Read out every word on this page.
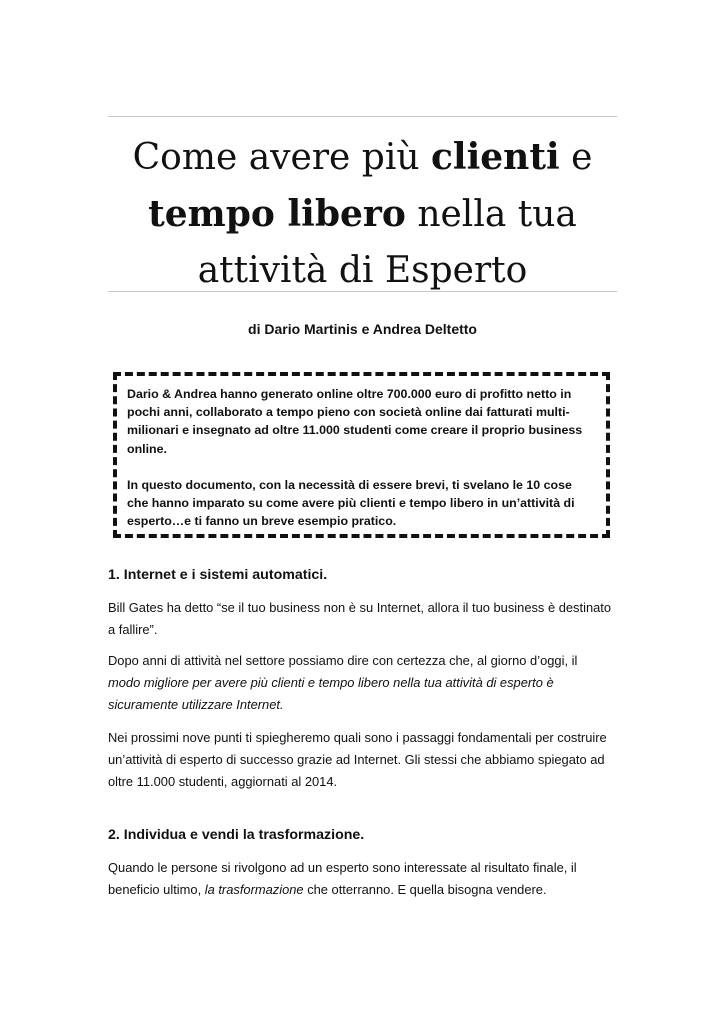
Come avere più clienti e
tempo libero nella tua
attività di Esperto
di Dario Martinis e Andrea Deltetto

Dario & Andrea hanno generato online oltre 700.000 euro di profitto netto in pochi anni, collaborato a tempo pieno con società online dai fatturati multi-milionari e insegnato ad oltre 11.000 studenti come creare il proprio business online.

In questo documento, con la necessità di essere brevi, ti svelano le 10 cose che hanno imparato su come avere più clienti e tempo libero in un’attività di esperto…e ti fanno un breve esempio pratico.

1. Internet e i sistemi automatici.

Bill Gates ha detto “se il tuo business non è su Internet, allora il tuo business è destinato a fallire”.

Dopo anni di attività nel settore possiamo dire con certezza che, al giorno d’oggi, il modo migliore per avere più clienti e tempo libero nella tua attività di esperto è sicuramente utilizzare Internet.

Nei prossimi nove punti ti spiegheremo quali sono i passaggi fondamentali per costruire un’attività di esperto di successo grazie ad Internet. Gli stessi che abbiamo spiegato ad oltre 11.000 studenti, aggiornati al 2014.

2. Individua e vendi la trasformazione.

Quando le persone si rivolgono ad un esperto sono interessate al risultato finale, il beneficio ultimo, la trasformazione che otterranno. E quella bisogna vendere.
